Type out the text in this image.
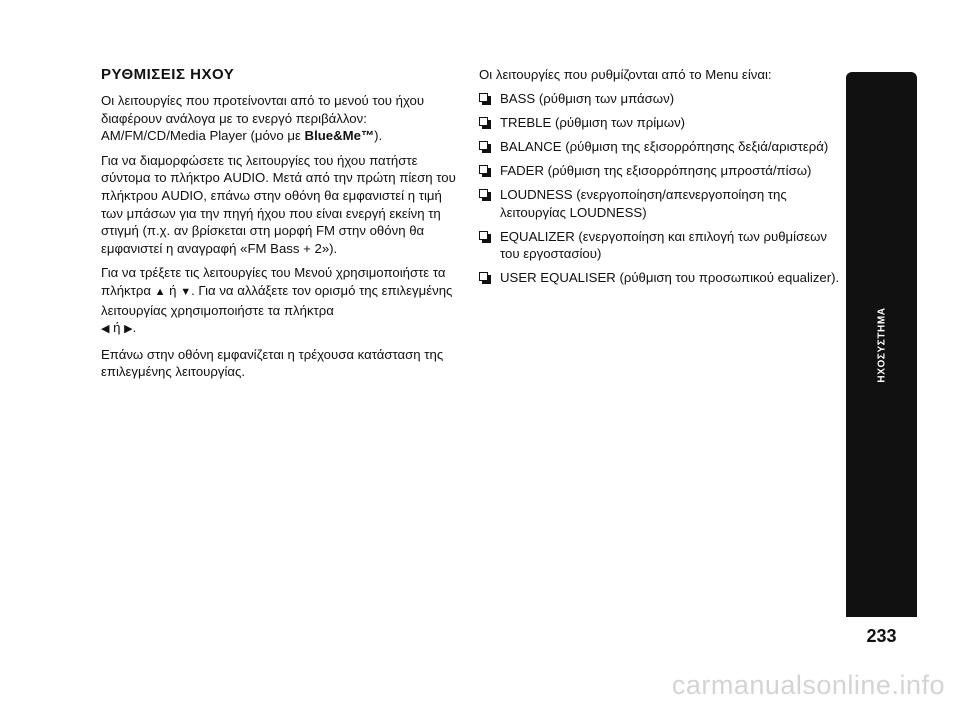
ΡΥΘΜΙΣΕΙΣ ΗΧΟΥ

Οι λειτουργίες που προτείνονται από το μενού του ήχου διαφέρουν ανάλογα με το ενεργό περιβάλλον: AM/FM/CD/Media Player (μόνο με Blue&Me™).

Για να διαμορφώσετε τις λειτουργίες του ήχου πατήστε σύντομα το πλήκτρο AUDIO. Μετά από την πρώτη πίεση του πλήκτρου AUDIO, επάνω στην οθόνη θα εμφανιστεί η τιμή των μπάσων για την πηγή ήχου που είναι ενεργή εκείνη τη στιγμή (π.χ. αν βρίσκεται στη μορφή FM στην οθόνη θα εμφανιστεί η αναγραφή «FM Bass + 2»).

Για να τρέξετε τις λειτουργίες του Μενού χρησιμοποιήστε τα πλήκτρα ▲ ή ▼. Για να αλλάξετε τον ορισμό της επιλεγμένης λειτουργίας χρησιμοποιήστε τα πλήκτρα
◀ ή ▶.

Επάνω στην οθόνη εμφανίζεται η τρέχουσα κατάσταση της επιλεγμένης λειτουργίας.

Οι λειτουργίες που ρυθμίζονται από το Menu είναι:

BASS (ρύθμιση των μπάσων)
TREBLE (ρύθμιση των πρίμων)
BALANCE (ρύθμιση της εξισορρόπησης δεξιά/αριστερά)
FADER (ρύθμιση της εξισορρόπησης μπροστά/πίσω)
LOUDNESS (ενεργοποίηση/απενεργοποίηση της λειτουργίας LOUDNESS)
EQUALIZER (ενεργοποίηση και επιλογή των ρυθμίσεων του εργοστασίου)
USER EQUALISER (ρύθμιση του προσωπικού equalizer).
ΗΧΟΣΥΣΤΗΜΑ
233
carmanualsonline.info
